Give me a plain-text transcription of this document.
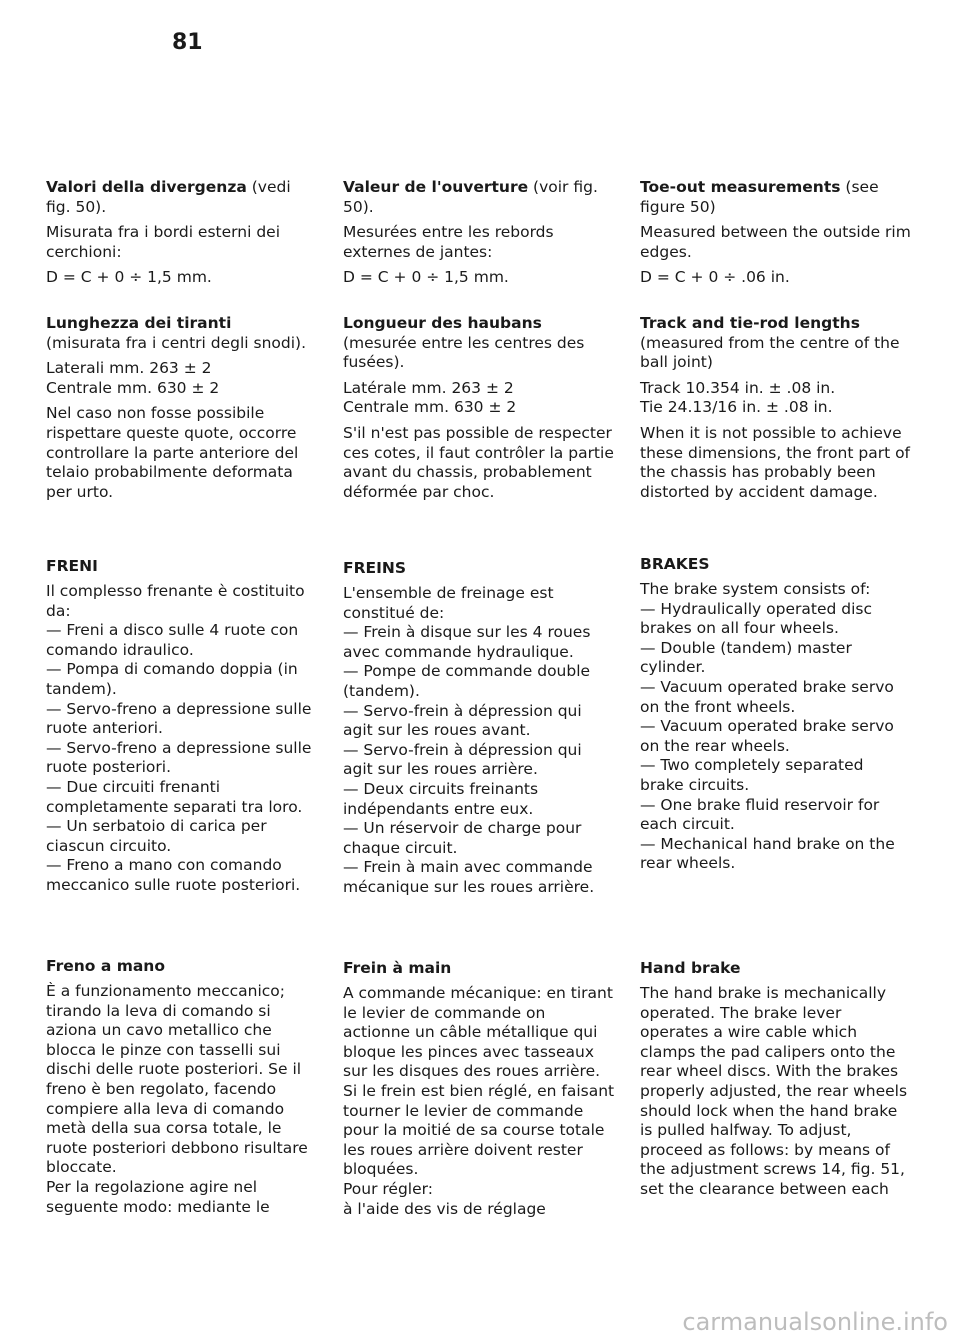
81

Valori della divergenza (vedi fig. 50).

Misurata fra i bordi esterni dei cerchioni:

D = C + 0 ÷ 1,5 mm.

Lunghezza dei tiranti

(misurata fra i centri degli snodi).

Laterali mm. 263 ± 2
Centrale mm. 630 ± 2

Nel caso non fosse possibile rispettare queste quote, occorre controllare la parte anteriore del telaio probabilmente deformata per urto.

FRENI

Il complesso frenante è costituito da:
— Freni a disco sulle 4 ruote con comando idraulico.
— Pompa di comando doppia (in tandem).
— Servo-freno a depressione sulle ruote anteriori.
— Servo-freno a depressione sulle ruote posteriori.
— Due circuiti frenanti completamente separati tra loro.
— Un serbatoio di carica per ciascun circuito.
— Freno a mano con comando meccanico sulle ruote posteriori.

Freno a mano

È a funzionamento meccanico; tirando la leva di comando si aziona un cavo metallico che blocca le pinze con tasselli sui dischi delle ruote posteriori. Se il freno è ben regolato, facendo compiere alla leva di comando metà della sua corsa totale, le ruote posteriori debbono risultare bloccate.
Per la regolazione agire nel seguente modo: mediante le

Valeur de l'ouverture (voir fig. 50).

Mesurées entre les rebords externes de jantes:

D = C + 0 ÷ 1,5 mm.

Longueur des haubans

(mesurée entre les centres des fusées).

Latérale mm. 263 ± 2
Centrale mm. 630 ± 2

S'il n'est pas possible de respecter ces cotes, il faut contrôler la partie avant du chassis, probablement déformée par choc.

FREINS

L'ensemble de freinage est constitué de:
— Frein à disque sur les 4 roues avec commande hydraulique.
— Pompe de commande double (tandem).
— Servo-frein à dépression qui agit sur les roues avant.
— Servo-frein à dépression qui agit sur les roues arrière.
— Deux circuits freinants indépendants entre eux.
— Un réservoir de charge pour chaque circuit.
— Frein à main avec commande mécanique sur les roues arrière.

Frein à main

A commande mécanique: en tirant le levier de commande on actionne un câble métallique qui bloque les pinces avec tasseaux sur les disques des roues arrière. Si le frein est bien réglé, en faisant tourner le levier de commande pour la moitié de sa course totale les roues arrière doivent rester bloquées.
Pour régler:
à l'aide des vis de réglage

Toe-out measurements (see figure 50)

Measured between the outside rim edges.

D = C + 0 ÷ .06 in.

Track and tie-rod lengths

(measured from the centre of the ball joint)

Track 10.354 in. ± .08 in.
Tie 24.13/16 in. ± .08 in.

When it is not possible to achieve these dimensions, the front part of the chassis has probably been distorted by accident damage.

BRAKES

The brake system consists of:
— Hydraulically operated disc brakes on all four wheels.
— Double (tandem) master cylinder.
— Vacuum operated brake servo on the front wheels.
— Vacuum operated brake servo on the rear wheels.
— Two completely separated brake circuits.
— One brake fluid reservoir for each circuit.
— Mechanical hand brake on the rear wheels.

Hand brake

The hand brake is mechanically operated. The brake lever operates a wire cable which clamps the pad calipers onto the rear wheel discs. With the brakes properly adjusted, the rear wheels should lock when the hand brake is pulled halfway. To adjust, proceed as follows: by means of the adjustment screws 14, fig. 51, set the clearance between each

carmanualsonline.info
